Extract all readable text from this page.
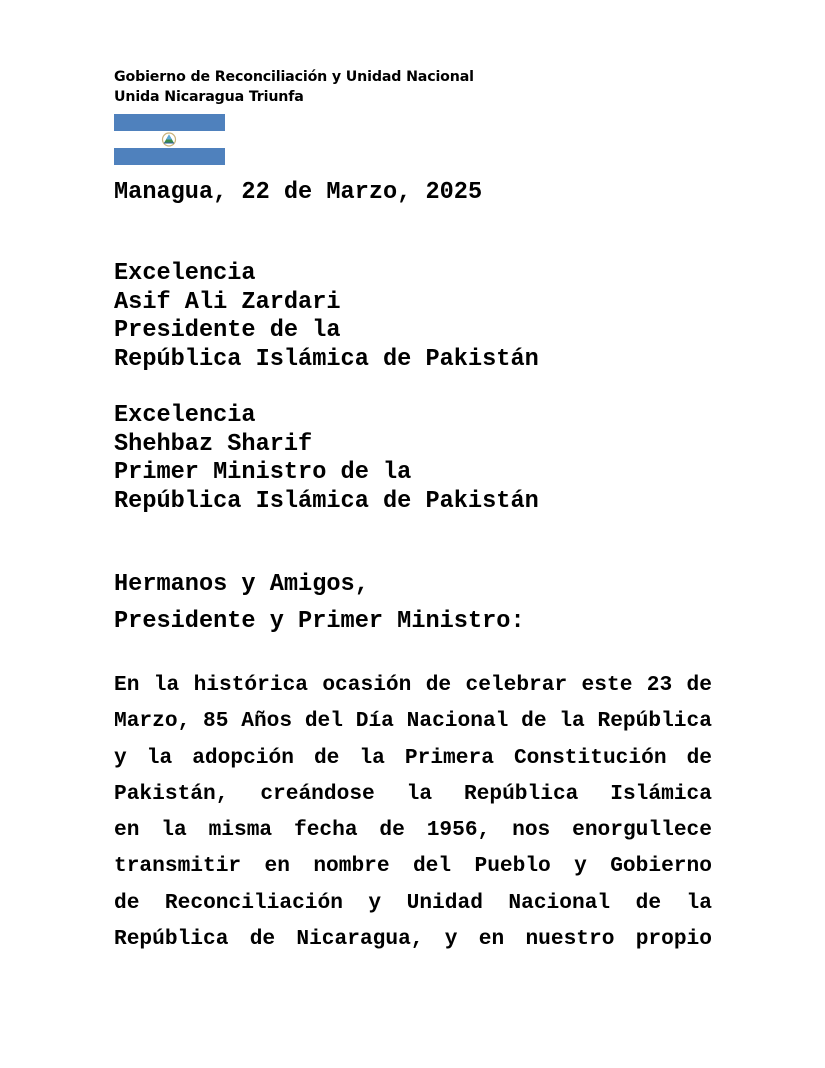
Gobierno de Reconciliación y Unidad Nacional
Unida Nicaragua Triunfa
Managua, 22 de Marzo, 2025
Excelencia
Asif Ali Zardari
Presidente de la
República Islámica de Pakistán
Excelencia
Shehbaz Sharif
Primer Ministro de la
República Islámica de Pakistán
Hermanos y Amigos,
Presidente y Primer Ministro:
En la histórica ocasión de celebrar este 23 de
Marzo, 85 Años del Día Nacional de la República
y la adopción de la Primera Constitución de
Pakistán, creándose la República Islámica
en la misma fecha de 1956, nos enorgullece
transmitir en nombre del Pueblo y Gobierno
de Reconciliación y Unidad Nacional de la
República de Nicaragua, y en nuestro propio
